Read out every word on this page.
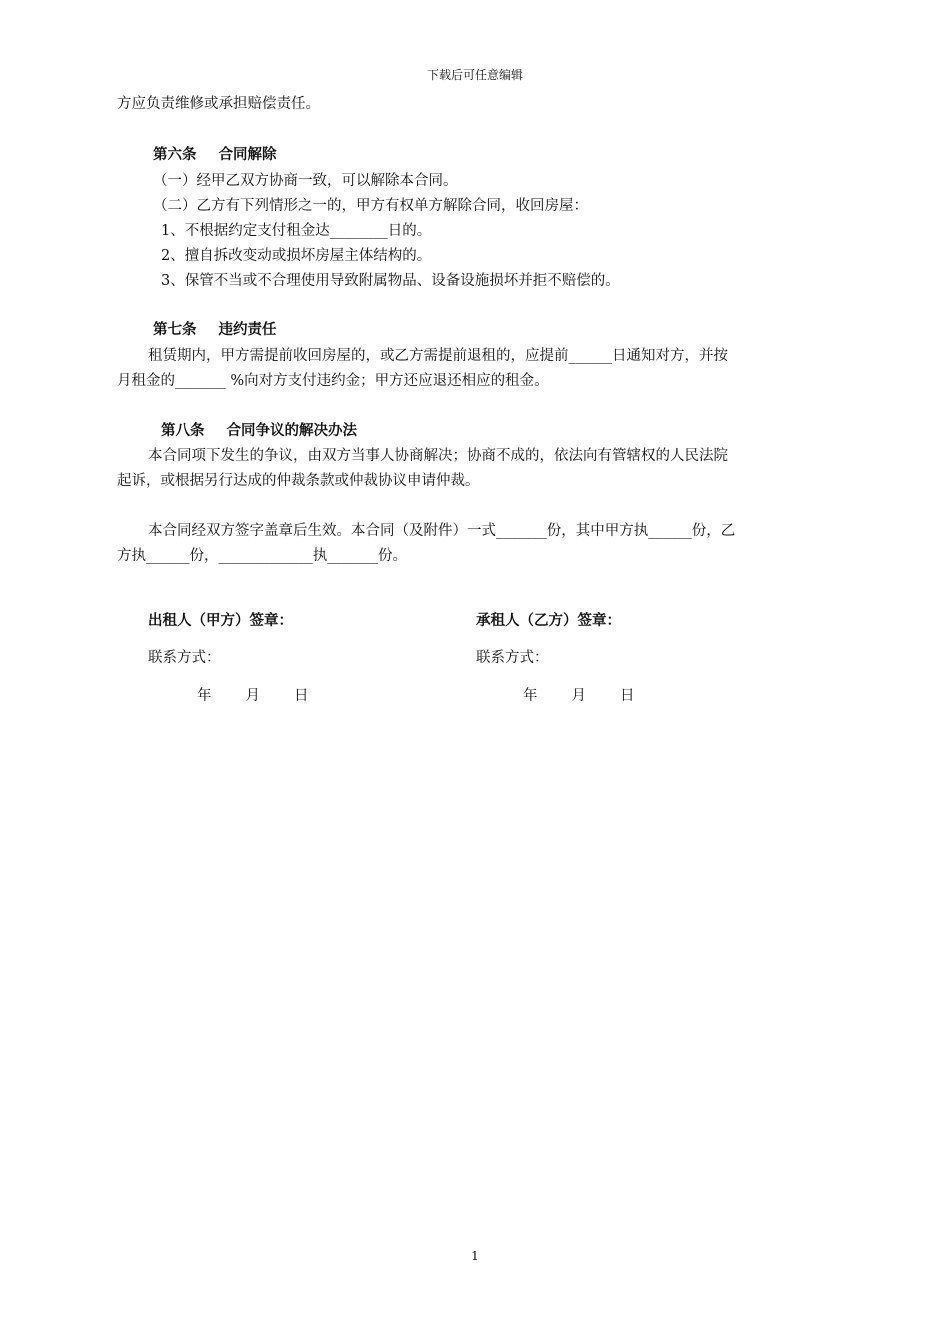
下载后可任意编辑
方应负责维修或承担赔偿责任。
第六条 合同解除
（一）经甲乙双方协商一致，可以解除本合同。
（二）乙方有下列情形之一的，甲方有权单方解除合同，收回房屋：
1、不根据约定支付租金达________日的。
2、擅自拆改变动或损坏房屋主体结构的。
3、保管不当或不合理使用导致附属物品、设备设施损坏并拒不赔偿的。
第七条 违约责任
租赁期内，甲方需提前收回房屋的，或乙方需提前退租的，应提前______日通知对方，并按
月租金的_______ %向对方支付违约金；甲方还应退还相应的租金。
第八条 合同争议的解决办法
本合同项下发生的争议，由双方当事人协商解决；协商不成的，依法向有管辖权的人民法院
起诉，或根据另行达成的仲裁条款或仲裁协议申请仲裁。
本合同经双方签字盖章后生效。本合同（及附件）一式_______份，其中甲方执______份，乙
方执______份，_____________执_______份。
出租人（甲方）签章：	承租人（乙方）签章：
联系方式：	联系方式：
年 月 日	年 月 日
1
